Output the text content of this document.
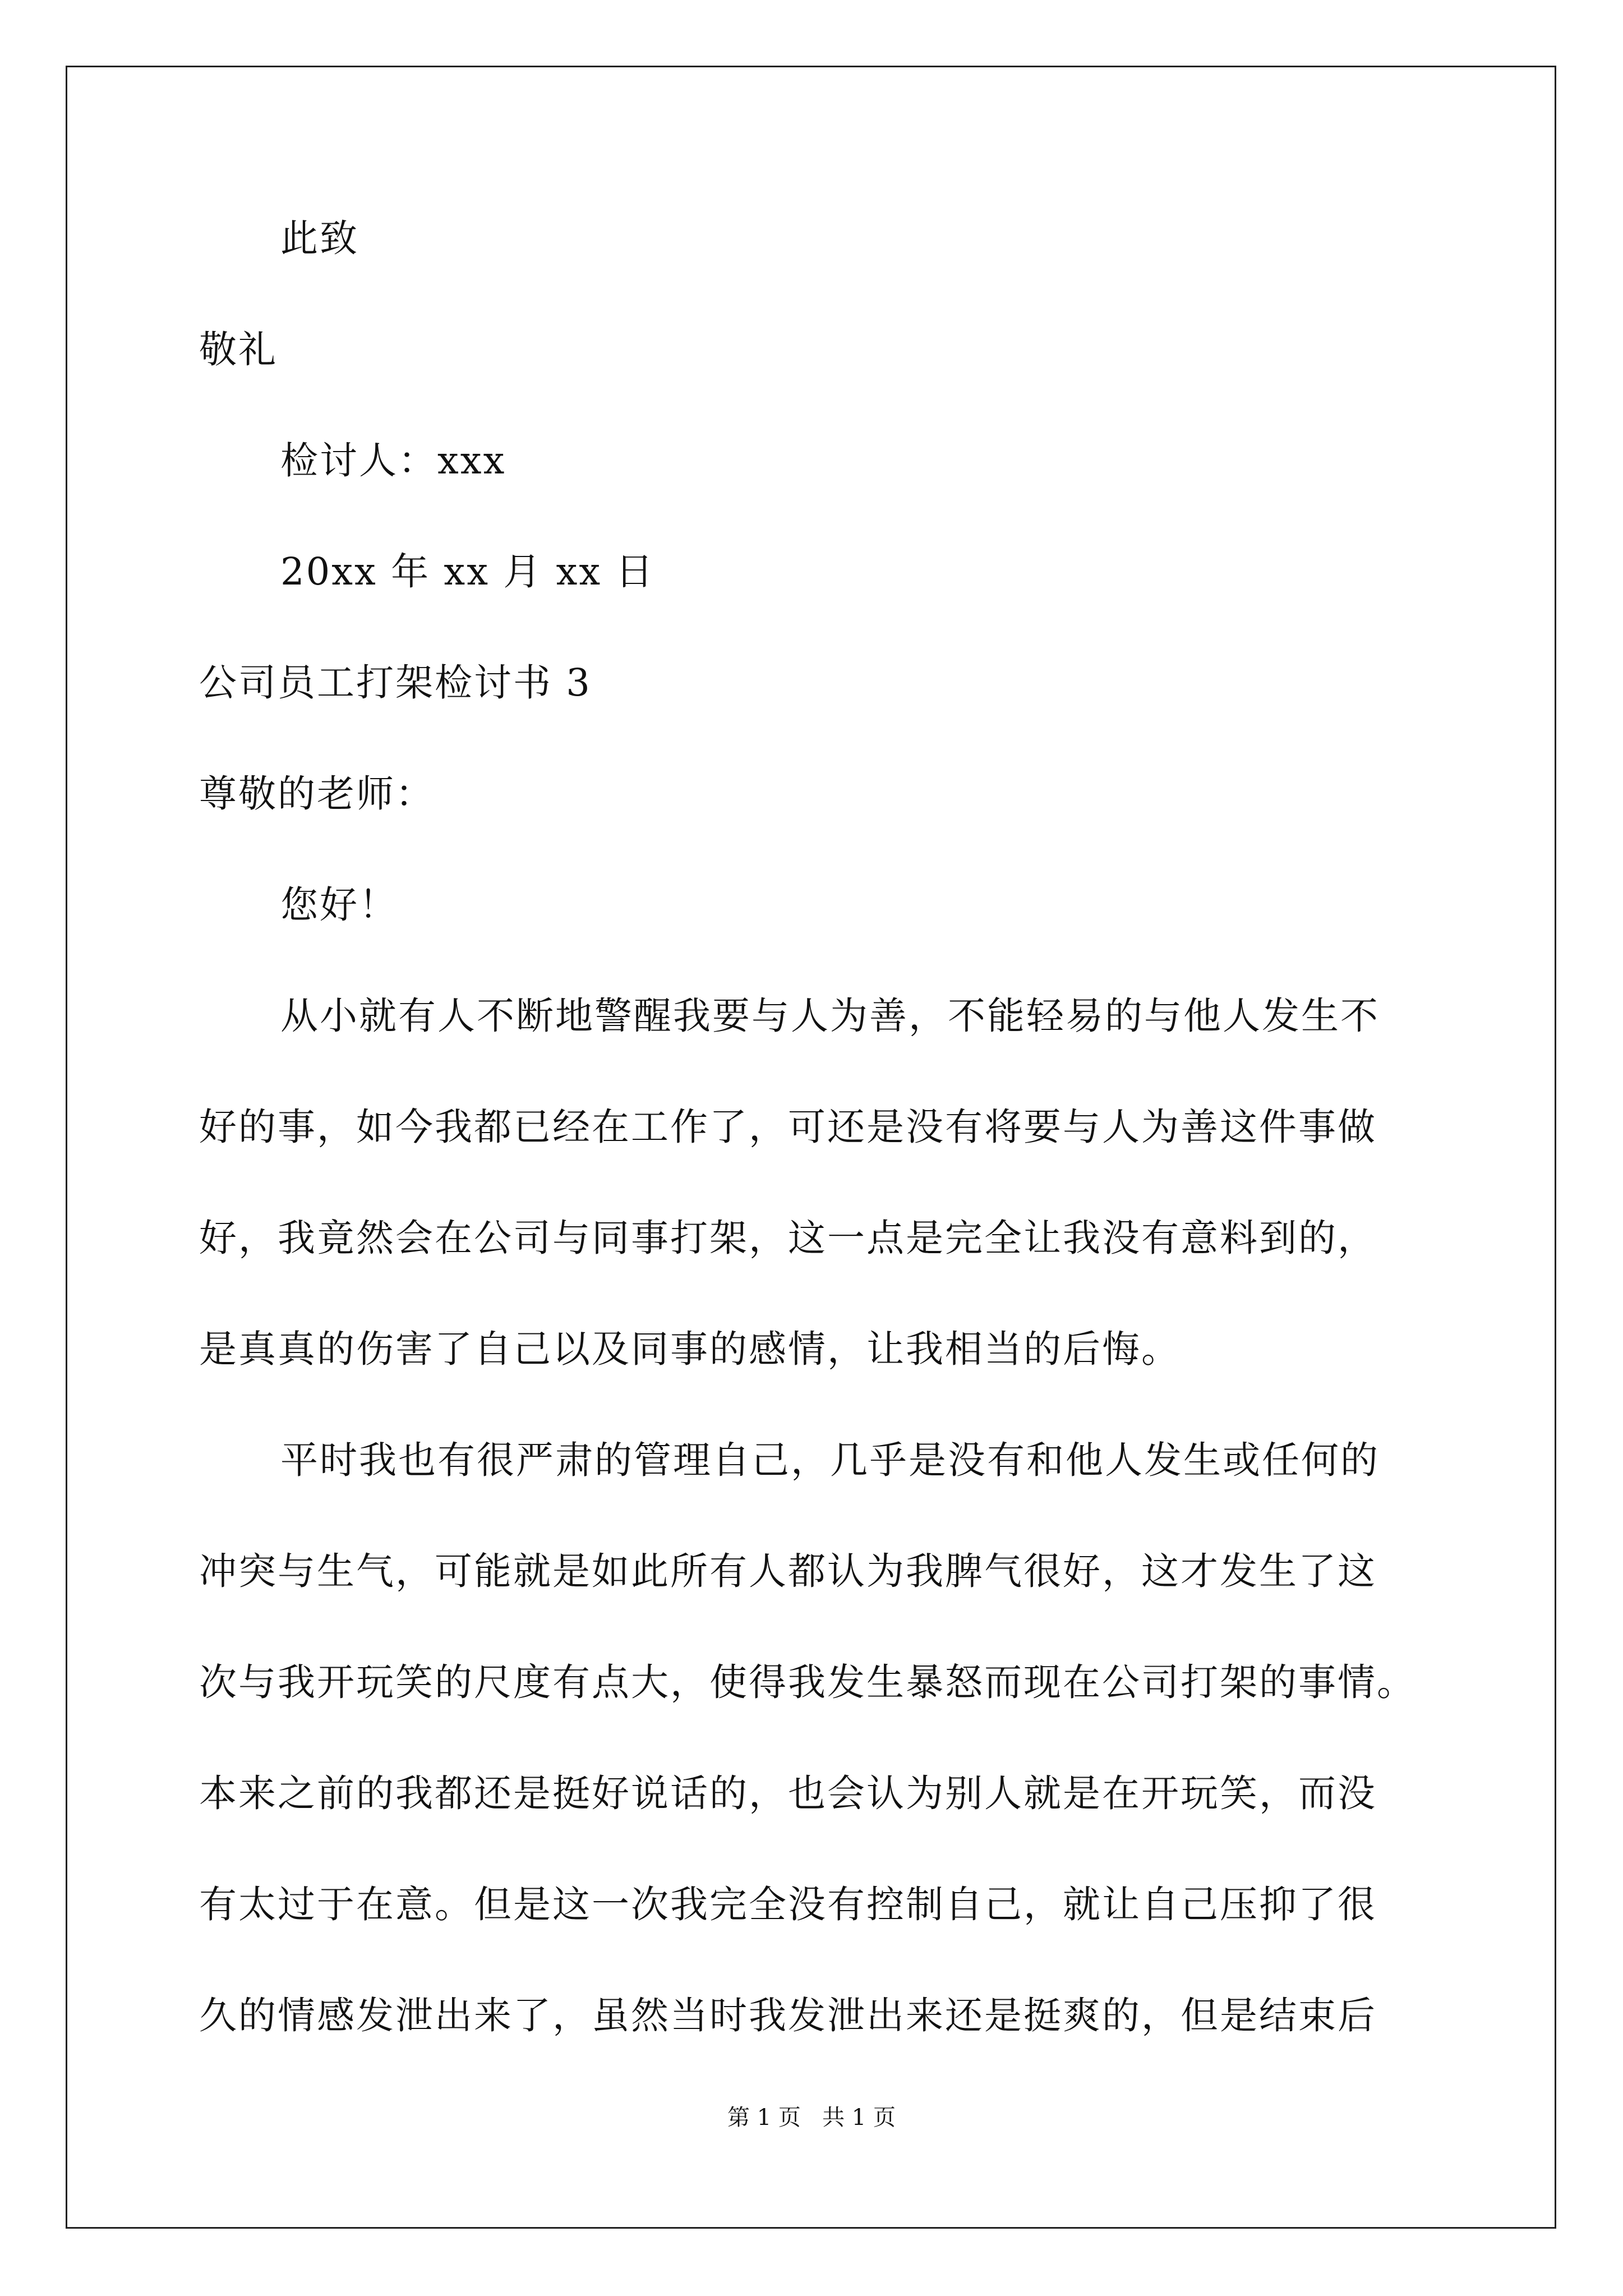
此致
敬礼
检讨人：xxx
20xx 年 xx 月 xx 日
公司员工打架检讨书 3
尊敬的老师：
您好！
从小就有人不断地警醒我要与人为善，不能轻易的与他人发生不
好的事，如今我都已经在工作了，可还是没有将要与人为善这件事做
好，我竟然会在公司与同事打架，这一点是完全让我没有意料到的，
是真真的伤害了自己以及同事的感情，让我相当的后悔。
平时我也有很严肃的管理自己，几乎是没有和他人发生或任何的
冲突与生气，可能就是如此所有人都认为我脾气很好，这才发生了这
次与我开玩笑的尺度有点大，使得我发生暴怒而现在公司打架的事情。
本来之前的我都还是挺好说话的，也会认为别人就是在开玩笑，而没
有太过于在意。但是这一次我完全没有控制自己，就让自己压抑了很
久的情感发泄出来了，虽然当时我发泄出来还是挺爽的，但是结束后
第 1 页   共 1 页
